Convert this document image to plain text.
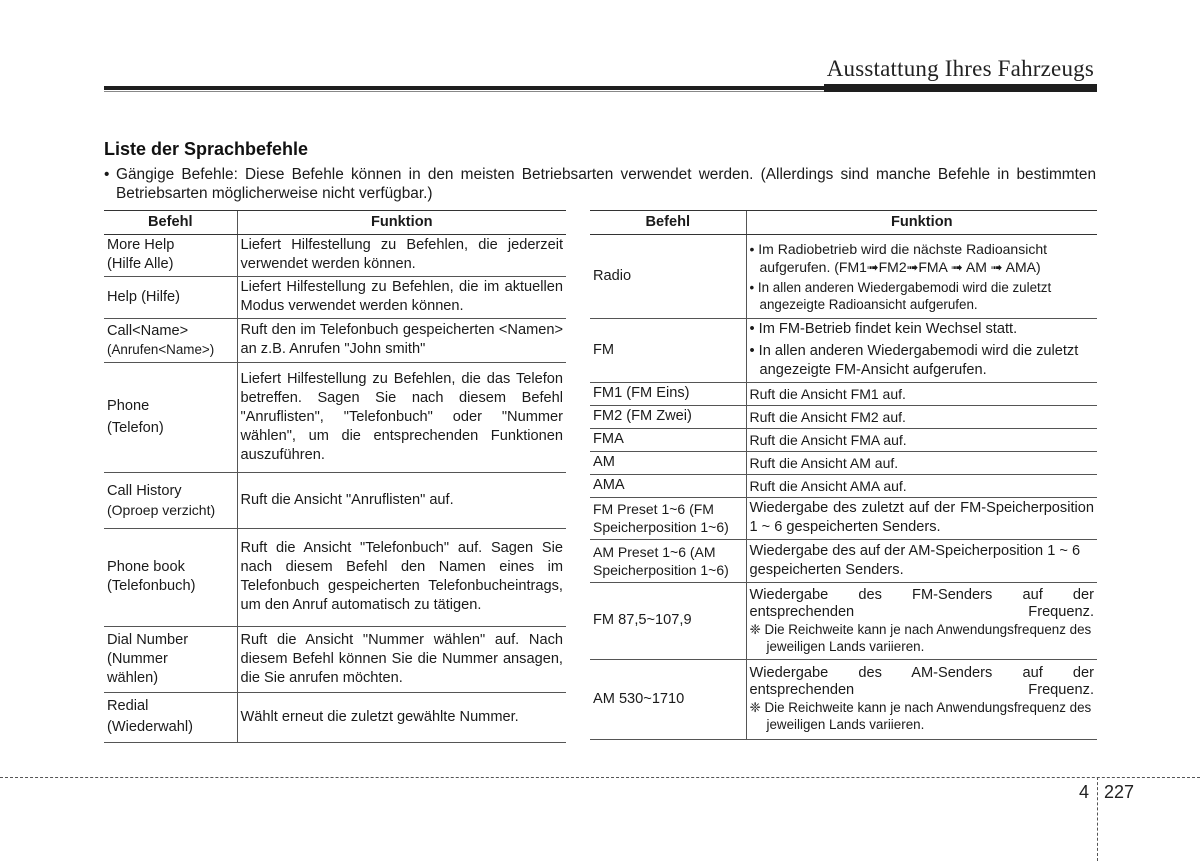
Ausstattung Ihres Fahrzeugs
Liste der Sprachbefehle
• Gängige Befehle: Diese Befehle können in den meisten Betriebsarten verwendet werden. (Allerdings sind manche Befehle in bestimmten Betriebsarten möglicherweise nicht verfügbar.)
Befehl	Funktion

More Help
(Hilfe Alle)	Liefert Hilfestellung zu Befehlen, die jederzeit verwendet werden können.

Help (Hilfe)	Liefert Hilfestellung zu Befehlen, die im aktuellen Modus verwendet werden können.

Call<Name>
(Anrufen<Name>)	Ruft den im Telefonbuch gespeicherten <Namen> an z.B. Anrufen "John smith"

Phone
(Telefon)	Liefert Hilfestellung zu Befehlen, die das Telefon betreffen. Sagen Sie nach diesem Befehl "Anruflisten", "Telefonbuch" oder "Nummer wählen", um die entsprechenden Funktionen auszuführen.

Call History
(Oproep verzicht)	Ruft die Ansicht "Anruflisten" auf.

Phone book
(Telefonbuch)	Ruft die Ansicht "Telefonbuch" auf. Sagen Sie nach diesem Befehl den Namen eines im Telefonbuch gespeicherten Telefonbucheintrags, um den Anruf automatisch zu tätigen.

Dial Number
(Nummer
wählen)	Ruft die Ansicht "Nummer wählen" auf. Nach diesem Befehl können Sie die Nummer ansagen, die Sie anrufen möchten.

Redial
(Wiederwahl)	Wählt erneut die zuletzt gewählte Nummer.
Befehl	Funktion
Radio	• Im Radiobetrieb wird die nächste Radioansicht aufgerufen. (FM1➟FM2➟FMA ➟ AM ➟ AMA)
• In allen anderen Wiedergabemodi wird die zuletzt angezeigte Radioansicht aufgerufen.

FM	• Im FM-Betrieb findet kein Wechsel statt.
• In allen anderen Wiedergabemodi wird die zuletzt angezeigte FM-Ansicht aufgerufen.

FM1 (FM Eins)	Ruft die Ansicht FM1 auf.
FM2 (FM Zwei)	Ruft die Ansicht FM2 auf.
FMA	Ruft die Ansicht FMA auf.
AM	Ruft die Ansicht AM auf.
AMA	Ruft die Ansicht AMA auf.
FM Preset 1~6 (FM Speicherposition 1~6)	Wiedergabe des zuletzt auf der FM-Speicherposition 1 ~ 6 gespeicherten Senders.
AM Preset 1~6 (AM Speicherposition 1~6)	Wiedergabe des auf der AM-Speicherposition 1 ~ 6 gespeicherten Senders.
FM 87,5~107,9	Wiedergabe des FM-Senders auf der entsprechenden Frequenz.
❈ Die Reichweite kann je nach Anwendungsfrequenz des jeweiligen Lands variieren.

AM 530~1710	Wiedergabe des AM-Senders auf der entsprechenden Frequenz.
❈ Die Reichweite kann je nach Anwendungsfrequenz des jeweiligen Lands variieren.
4 227
